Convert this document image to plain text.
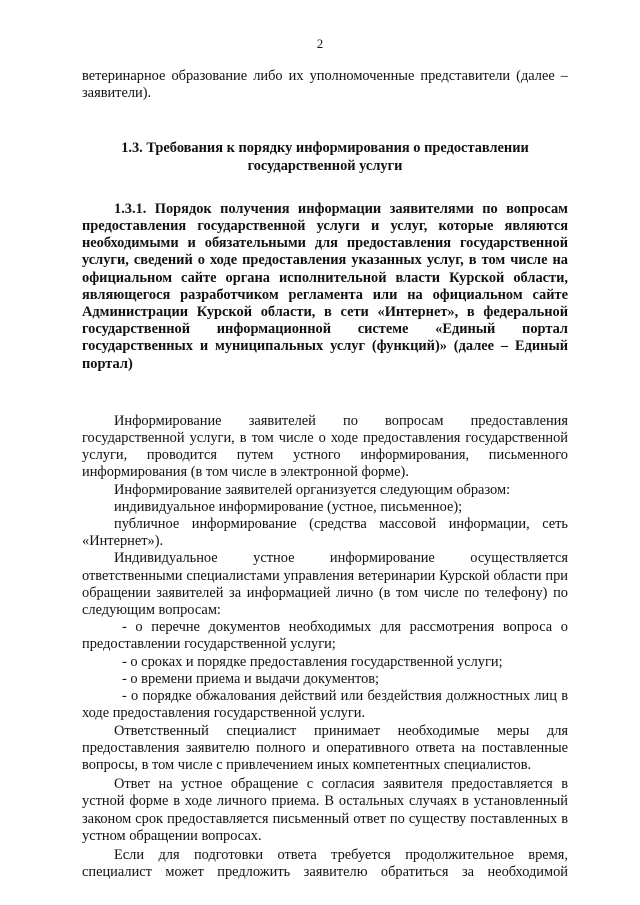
2

ветеринарное образование либо их уполномоченные представители (далее – заявители).

1.3. Требования к порядку информирования о предоставлении государственной услуги

1.3.1. Порядок получения информации заявителями по вопросам предоставления государственной услуги и услуг, которые являются необходимыми и обязательными для предоставления государственной услуги, сведений о ходе предоставления указанных услуг, в том числе на официальном сайте органа исполнительной власти Курской области, являющегося разработчиком регламента или на официальном сайте Администрации Курской области, в сети «Интернет», в федеральной государственной информационной системе «Единый портал государственных и муниципальных услуг (функций)» (далее – Единый портал)

Информирование заявителей по вопросам предоставления государственной услуги, в том числе о ходе предоставления государственной услуги, проводится путем устного информирования, письменного информирования (в том числе в электронной форме).

Информирование заявителей организуется следующим образом:

индивидуальное информирование (устное, письменное);

публичное информирование (средства массовой информации, сеть «Интернет»).

Индивидуальное устное информирование осуществляется ответственными специалистами управления ветеринарии Курской области при обращении заявителей за информацией лично (в том числе по телефону) по следующим вопросам:

- о перечне документов необходимых для рассмотрения вопроса о предоставлении государственной услуги;

- о сроках и порядке предоставления государственной услуги;

- о времени приема и выдачи документов;

- о порядке обжалования действий или бездействия должностных лиц в ходе предоставления государственной услуги.

Ответственный специалист принимает необходимые меры для предоставления заявителю полного и оперативного ответа на поставленные вопросы, в том числе с привлечением иных компетентных специалистов.

Ответ на устное обращение с согласия заявителя предоставляется в устной форме в ходе личного приема. В остальных случаях в установленный законом срок предоставляется письменный ответ по существу поставленных в устном обращении вопросах.

Если для подготовки ответа требуется продолжительное время, специалист может предложить заявителю обратиться за необходимой
